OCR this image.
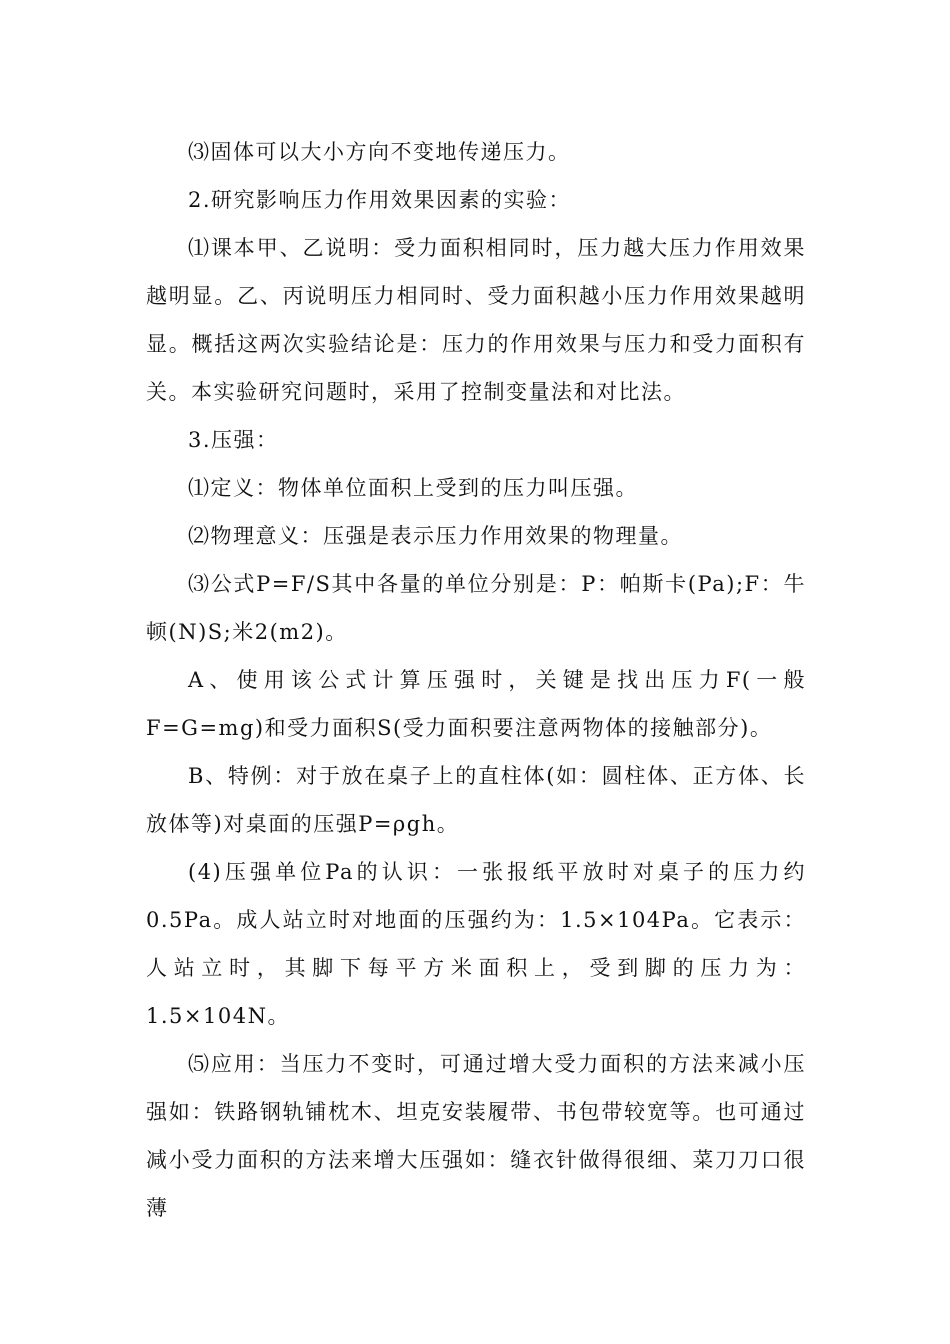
⑶固体可以大小方向不变地传递压力。

2.研究影响压力作用效果因素的实验：

⑴课本甲、乙说明：受力面积相同时，压力越大压力作用效果越明显。乙、丙说明压力相同时、受力面积越小压力作用效果越明显。概括这两次实验结论是：压力的作用效果与压力和受力面积有关。本实验研究问题时，采用了控制变量法和对比法。

3.压强：

⑴定义：物体单位面积上受到的压力叫压强。

⑵物理意义：压强是表示压力作用效果的物理量。

⑶公式P=F/S其中各量的单位分别是：P：帕斯卡(Pa);F：牛顿(N)S;米2(m2)。

A、使用该公式计算压强时，关键是找出压力F(一般F=G=mg)和受力面积S(受力面积要注意两物体的接触部分)。

B、特例：对于放在桌子上的直柱体(如：圆柱体、正方体、长放体等)对桌面的压强P=ρgh。

(4)压强单位Pa的认识：一张报纸平放时对桌子的压力约0.5Pa。成人站立时对地面的压强约为：1.5×104Pa。它表示：人站立时，其脚下每平方米面积上，受到脚的压力为：1.5×104N。

⑸应用：当压力不变时，可通过增大受力面积的方法来减小压强如：铁路钢轨铺枕木、坦克安装履带、书包带较宽等。也可通过减小受力面积的方法来增大压强如：缝衣针做得很细、菜刀刀口很薄
